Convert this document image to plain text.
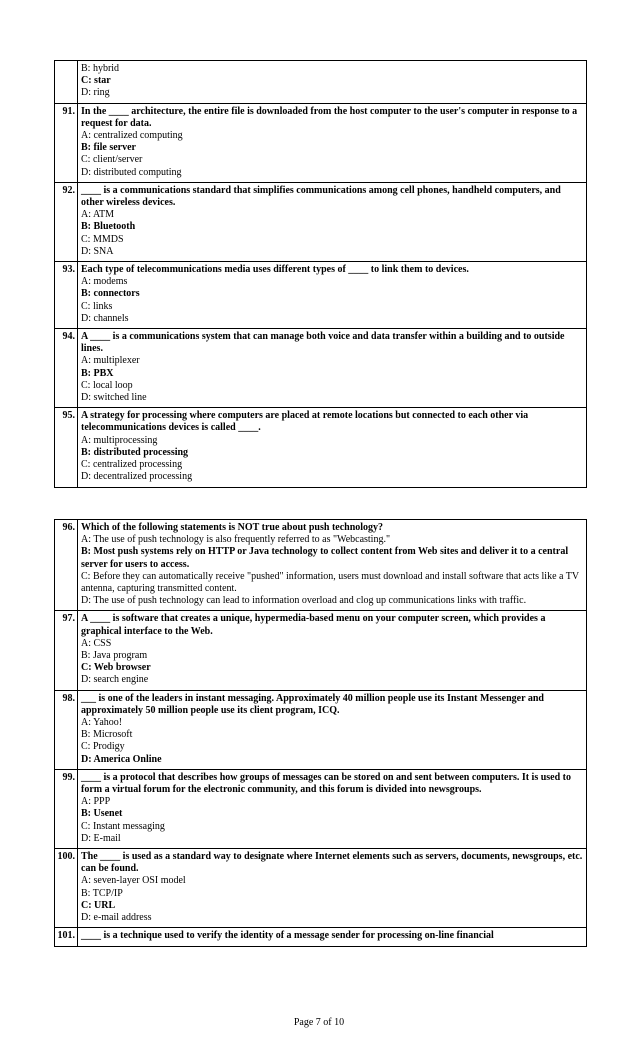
	B: hybrid
C: star
D: ring

91.	In the ____ architecture, the entire file is downloaded from the host computer to the user's computer in response to a request for data.
A: centralized computing
B: file server
C: client/server
D: distributed computing

92.	____ is a communications standard that simplifies communications among cell phones, handheld computers, and other wireless devices.
A: ATM
B: Bluetooth
C: MMDS
D: SNA

93.	Each type of telecommunications media uses different types of ____ to link them to devices.
A: modems
B: connectors
C: links
D: channels

94.	A ____ is a communications system that can manage both voice and data transfer within a building and to outside lines.
A: multiplexer
B: PBX
C: local loop
D: switched line

95.	A strategy for processing where computers are placed at remote locations but connected to each other via telecommunications devices is called ____.
A: multiprocessing
B: distributed processing
C: centralized processing
D: decentralized processing
96.	Which of the following statements is NOT true about push technology?
A: The use of push technology is also frequently referred to as "Webcasting."
B: Most push systems rely on HTTP or Java technology to collect content from Web sites and deliver it to a central server for users to access.
C: Before they can automatically receive "pushed" information, users must download and install software that acts like a TV antenna, capturing transmitted content.
D: The use of push technology can lead to information overload and clog up communications links with traffic.

97.	A ____ is software that creates a unique, hypermedia-based menu on your computer screen, which provides a graphical interface to the Web.
A: CSS
B: Java program
C: Web browser
D: search engine

98.	___ is one of the leaders in instant messaging. Approximately 40 million people use its Instant Messenger and approximately 50 million people use its client program, ICQ.
A: Yahoo!
B: Microsoft
C: Prodigy
D: America Online

99.	____ is a protocol that describes how groups of messages can be stored on and sent between computers. It is used to form a virtual forum for the electronic community, and this forum is divided into newsgroups.
A: PPP
B: Usenet
C: Instant messaging
D: E-mail

100.	The ____ is used as a standard way to designate where Internet elements such as servers, documents, newsgroups, etc. can be found.
A: seven-layer OSI model
B: TCP/IP
C: URL
D: e-mail address

101.	____ is a technique used to verify the identity of a message sender for processing on-line financial
Page 7 of 10
